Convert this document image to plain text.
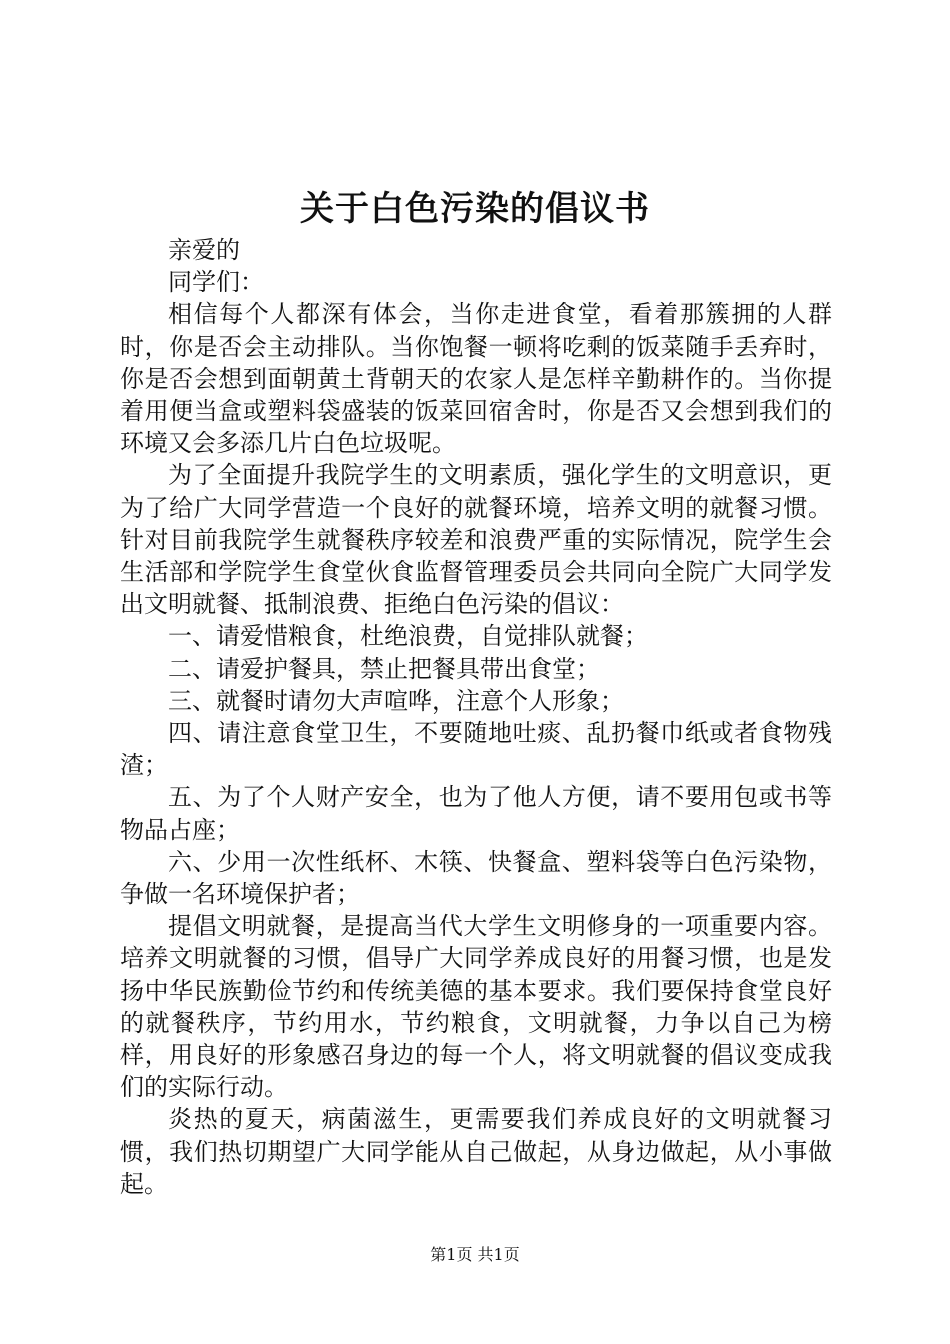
关于白色污染的倡议书

亲爱的

同学们：

相信每个人都深有体会，当你走进食堂，看着那簇拥的人群时，你是否会主动排队。当你饱餐一顿将吃剩的饭菜随手丢弃时，你是否会想到面朝黄土背朝天的农家人是怎样辛勤耕作的。当你提着用便当盒或塑料袋盛装的饭菜回宿舍时，你是否又会想到我们的环境又会多添几片白色垃圾呢。

为了全面提升我院学生的文明素质，强化学生的文明意识，更为了给广大同学营造一个良好的就餐环境，培养文明的就餐习惯。针对目前我院学生就餐秩序较差和浪费严重的实际情况，院学生会生活部和学院学生食堂伙食监督管理委员会共同向全院广大同学发出文明就餐、抵制浪费、拒绝白色污染的倡议：

一、请爱惜粮食，杜绝浪费，自觉排队就餐；

二、请爱护餐具，禁止把餐具带出食堂；

三、就餐时请勿大声喧哗，注意个人形象；

四、请注意食堂卫生，不要随地吐痰、乱扔餐巾纸或者食物残渣；

五、为了个人财产安全，也为了他人方便，请不要用包或书等物品占座；

六、少用一次性纸杯、木筷、快餐盒、塑料袋等白色污染物，争做一名环境保护者；

提倡文明就餐，是提高当代大学生文明修身的一项重要内容。培养文明就餐的习惯，倡导广大同学养成良好的用餐习惯，也是发扬中华民族勤俭节约和传统美德的基本要求。我们要保持食堂良好的就餐秩序，节约用水，节约粮食，文明就餐，力争以自己为榜样，用良好的形象感召身边的每一个人，将文明就餐的倡议变成我们的实际行动。

炎热的夏天，病菌滋生，更需要我们养成良好的文明就餐习惯，我们热切期望广大同学能从自己做起，从身边做起，从小事做起。

第1页 共1页
